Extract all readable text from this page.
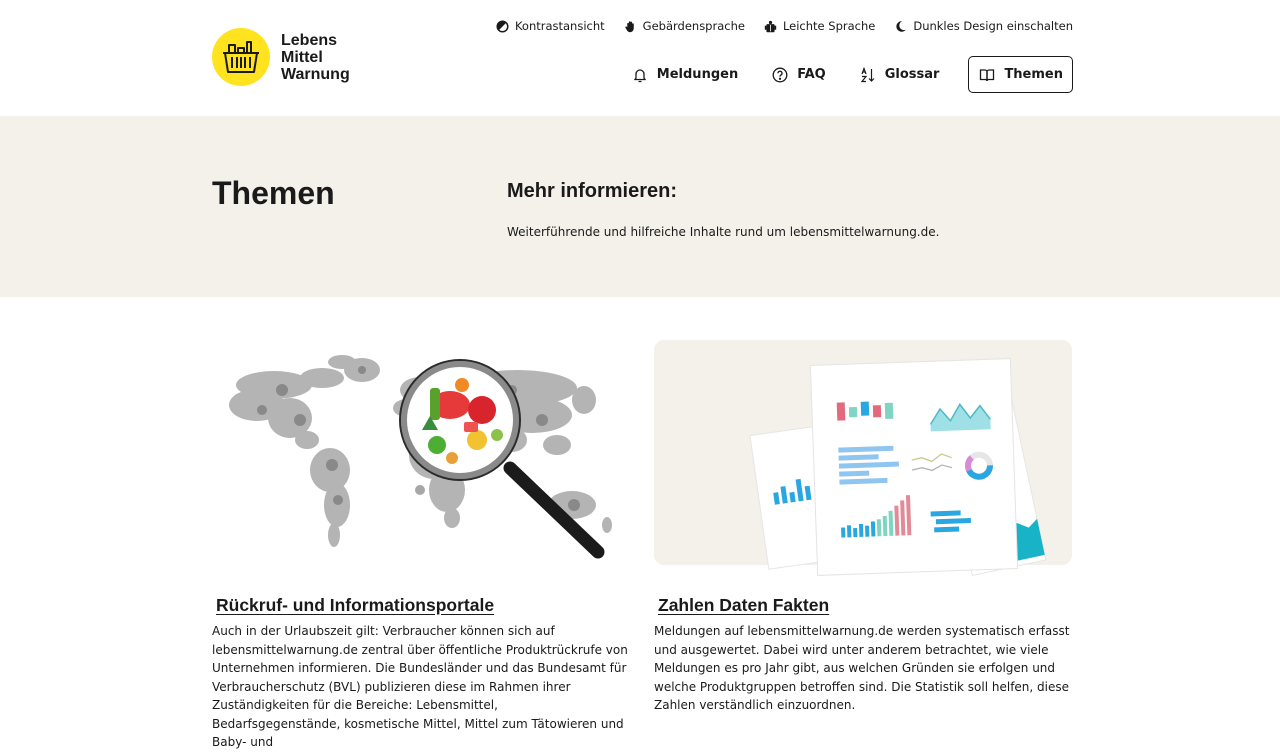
Lebens
Mittel
Warnung
Kontrastansicht	Gebärdensprache	Leichte Sprache	Dunkles Design einschalten
Meldungen	FAQ	Glossar	Themen
Themen	Mehr informieren:

Weiterführende und hilfreiche Inhalte rund um lebensmittelwarnung.de.

Rückruf- und Informationsportale

Auch in der Urlaubszeit gilt: Verbraucher können sich auf lebensmittelwarnung.de zentral über öffentliche Produktrückrufe von Unternehmen informieren. Die Bundesländer und das Bundesamt für Verbraucherschutz (BVL) publizieren diese im Rahmen ihrer Zuständigkeiten für die Bereiche: Lebensmittel, Bedarfsgegenstände, kosmetische Mittel, Mittel zum Tätowieren und Baby- und

Zahlen Daten Fakten

Meldungen auf lebensmittelwarnung.de werden systematisch erfasst und ausgewertet. Dabei wird unter anderem betrachtet, wie viele Meldungen es pro Jahr gibt, aus welchen Gründen sie erfolgen und welche Produktgruppen betroffen sind. Die Statistik soll helfen, diese Zahlen verständlich einzuordnen.
